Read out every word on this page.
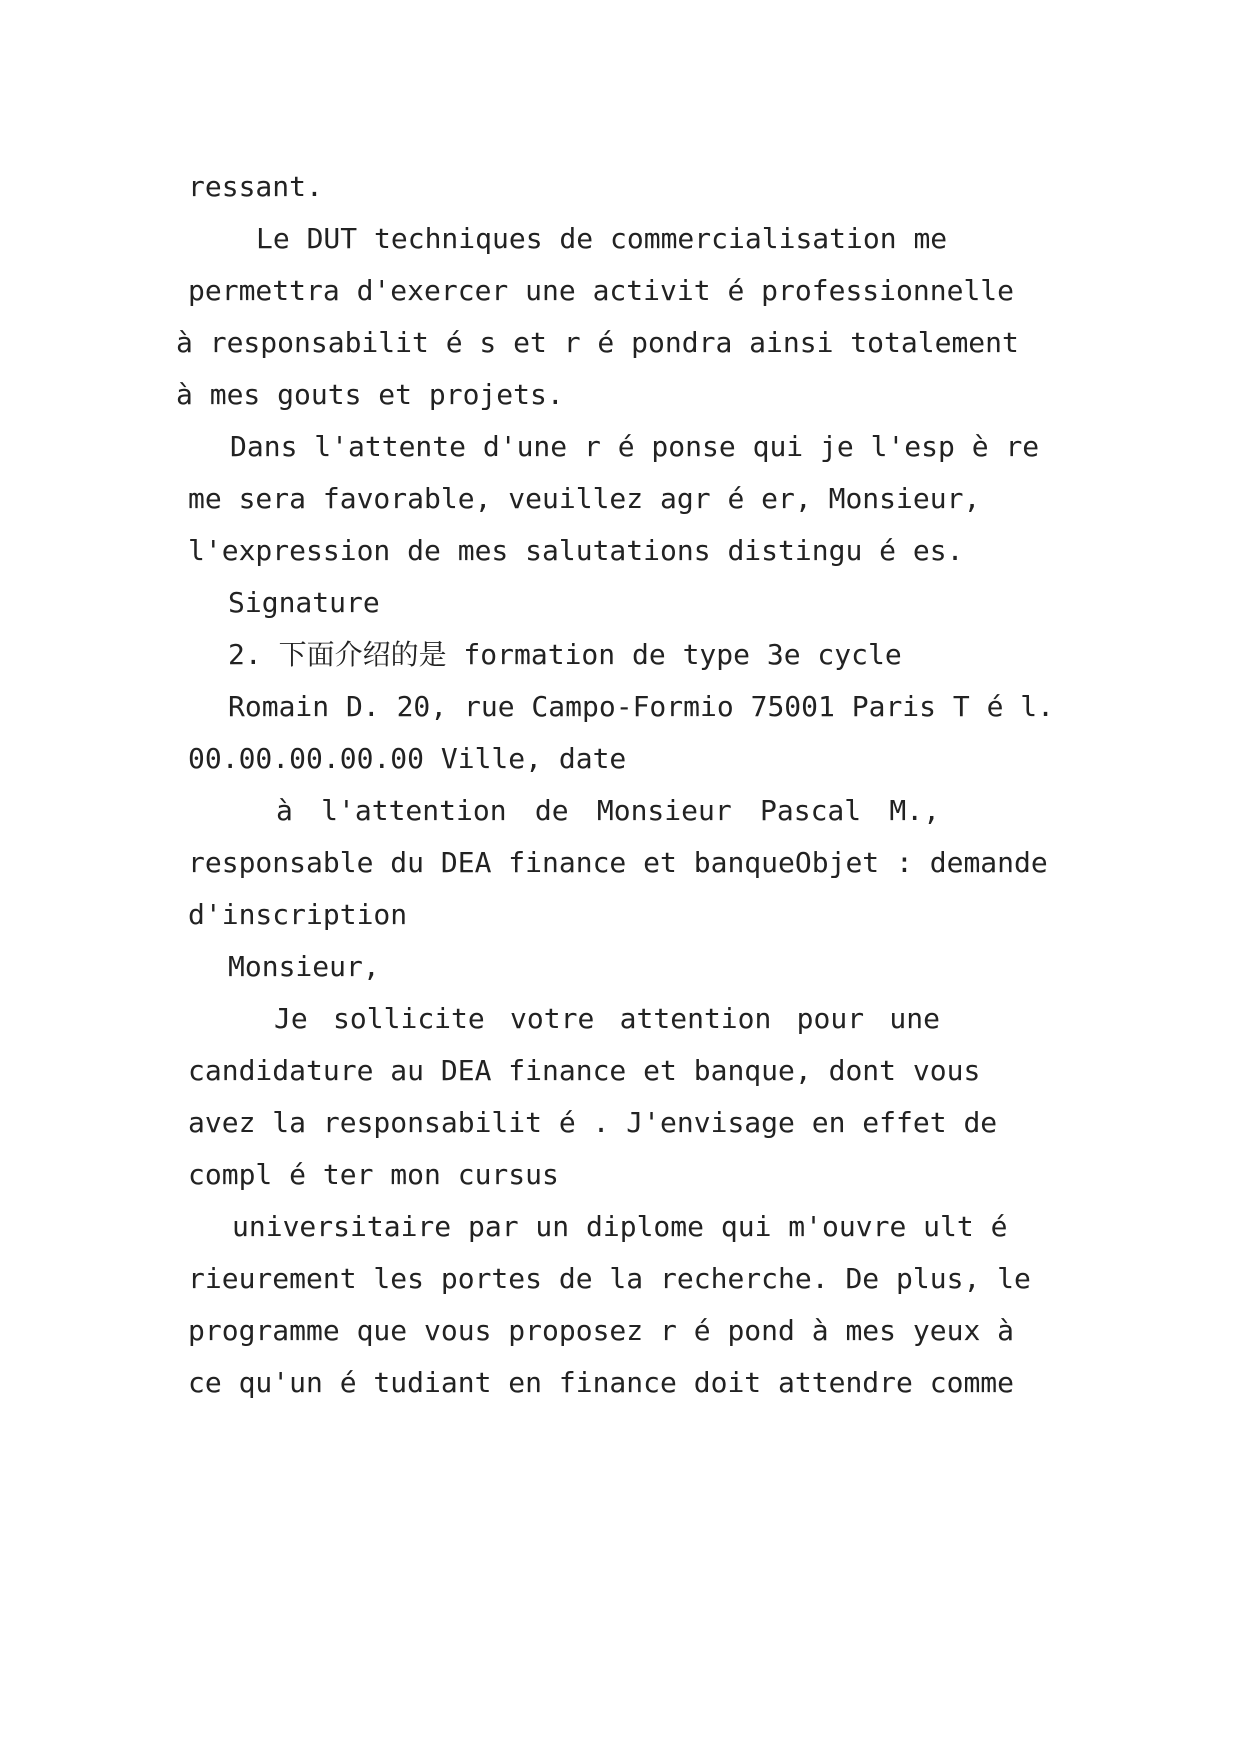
ressant.
Le DUT techniques de commercialisation me
permettra d'exercer une activit é professionnelle
à responsabilit é s et r é pondra ainsi totalement
à mes gouts et projets.
Dans l'attente d'une r é ponse qui je l'esp è re
me sera favorable, veuillez agr é er, Monsieur,
l'expression de mes salutations distingu é es.
Signature
2. 下面介绍的是 formation de type 3e cycle
Romain D. 20, rue Campo-Formio 75001 Paris T é l.
00.00.00.00.00 Ville, date
à l'attention de Monsieur Pascal M.,
responsable du DEA finance et banqueObjet : demande
d'inscription
Monsieur,
Je sollicite votre attention pour une
candidature au DEA finance et banque, dont vous
avez la responsabilit é . J'envisage en effet de
compl é ter mon cursus
universitaire par un diplome qui m'ouvre ult é
rieurement les portes de la recherche. De plus, le
programme que vous proposez r é pond à mes yeux à
ce qu'un é tudiant en finance doit attendre comme
